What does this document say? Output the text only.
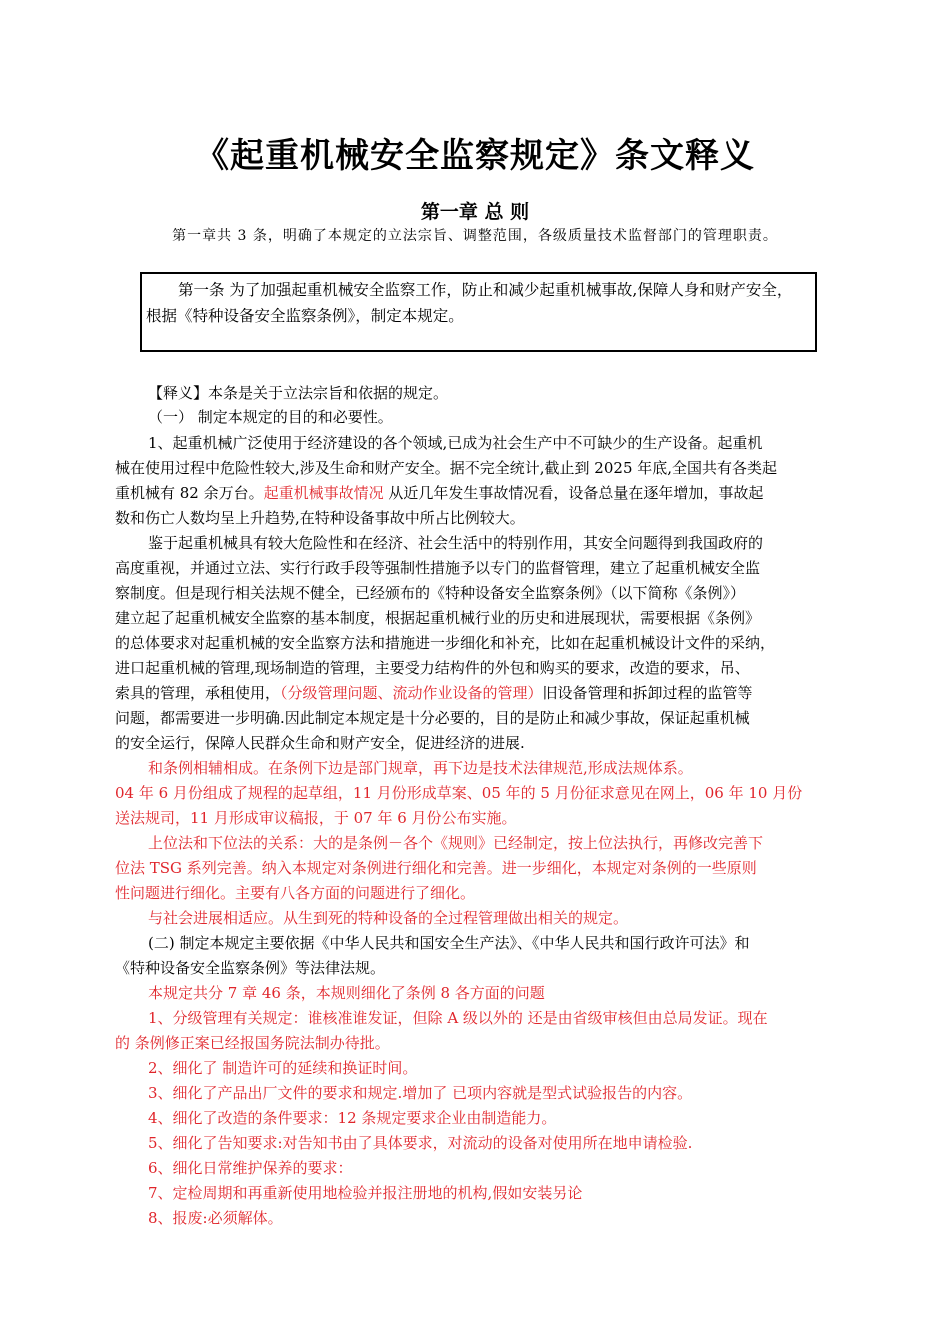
《起重机械安全监察规定》条文释义
第一章 总 则
第一章共 3 条，明确了本规定的立法宗旨、调整范围，各级质量技术监督部门的管理职责。

第一条 为了加强起重机械安全监察工作，防止和减少起重机械事故,保障人身和财产安全，根据《特种设备安全监察条例》，制定本规定。

【释义】本条是关于立法宗旨和依据的规定。
（一） 制定本规定的目的和必要性。
1、起重机械广泛使用于经济建设的各个领域,已成为社会生产中不可缺少的生产设备。起重机
械在使用过程中危险性较大,涉及生命和财产安全。据不完全统计,截止到 2025 年底,全国共有各类起
重机械有 82 余万台。起重机械事故情况 从近几年发生事故情况看，设备总量在逐年增加，事故起
数和伤亡人数均呈上升趋势,在特种设备事故中所占比例较大。
鉴于起重机械具有较大危险性和在经济、社会生活中的特别作用，其安全问题得到我国政府的
高度重视，并通过立法、实行行政手段等强制性措施予以专门的监督管理，建立了起重机械安全监
察制度。但是现行相关法规不健全，已经颁布的《特种设备安全监察条例》（以下简称《条例》）
建立起了起重机械安全监察的基本制度，根据起重机械行业的历史和进展现状，需要根据《条例》
的总体要求对起重机械的安全监察方法和措施进一步细化和补充，比如在起重机械设计文件的采纳，
进口起重机械的管理,现场制造的管理，主要受力结构件的外包和购买的要求，改造的要求，吊、
索具的管理，承租使用，（分级管理问题、流动作业设备的管理）旧设备管理和拆卸过程的监管等
问题，都需要进一步明确.因此制定本规定是十分必要的，目的是防止和减少事故，保证起重机械
的安全运行，保障人民群众生命和财产安全，促进经济的进展.
和条例相辅相成。在条例下边是部门规章，再下边是技术法律规范,形成法规体系。
04 年 6 月份组成了规程的起草组，11 月份形成草案、05 年的 5 月份征求意见在网上，06 年 10 月份
送法规司，11 月形成审议稿报，于 07 年 6 月份公布实施。
上位法和下位法的关系：大的是条例－各个《规则》已经制定，按上位法执行，再修改完善下
位法 TSG 系列完善。纳入本规定对条例进行细化和完善。进一步细化，本规定对条例的一些原则
性问题进行细化。主要有八各方面的问题进行了细化。
与社会进展相适应。从生到死的特种设备的全过程管理做出相关的规定。
(二) 制定本规定主要依据《中华人民共和国安全生产法》、《中华人民共和国行政许可法》和
《特种设备安全监察条例》等法律法规。
本规定共分 7 章 46 条，本规则细化了条例 8 各方面的问题
1、分级管理有关规定：谁核准谁发证，但除 A 级以外的 还是由省级审核但由总局发证。现在
的 条例修正案已经报国务院法制办待批。
2、细化了 制造许可的延续和换证时间。
3、细化了产品出厂文件的要求和规定.增加了 已项内容就是型式试验报告的内容。
4、细化了改造的条件要求：12 条规定要求企业由制造能力。
5、细化了告知要求:对告知书由了具体要求，对流动的设备对使用所在地申请检验.
6、细化日常维护保养的要求：
7、定检周期和再重新使用地检验并报注册地的机构,假如安装另论
8、报废:必须解体。
